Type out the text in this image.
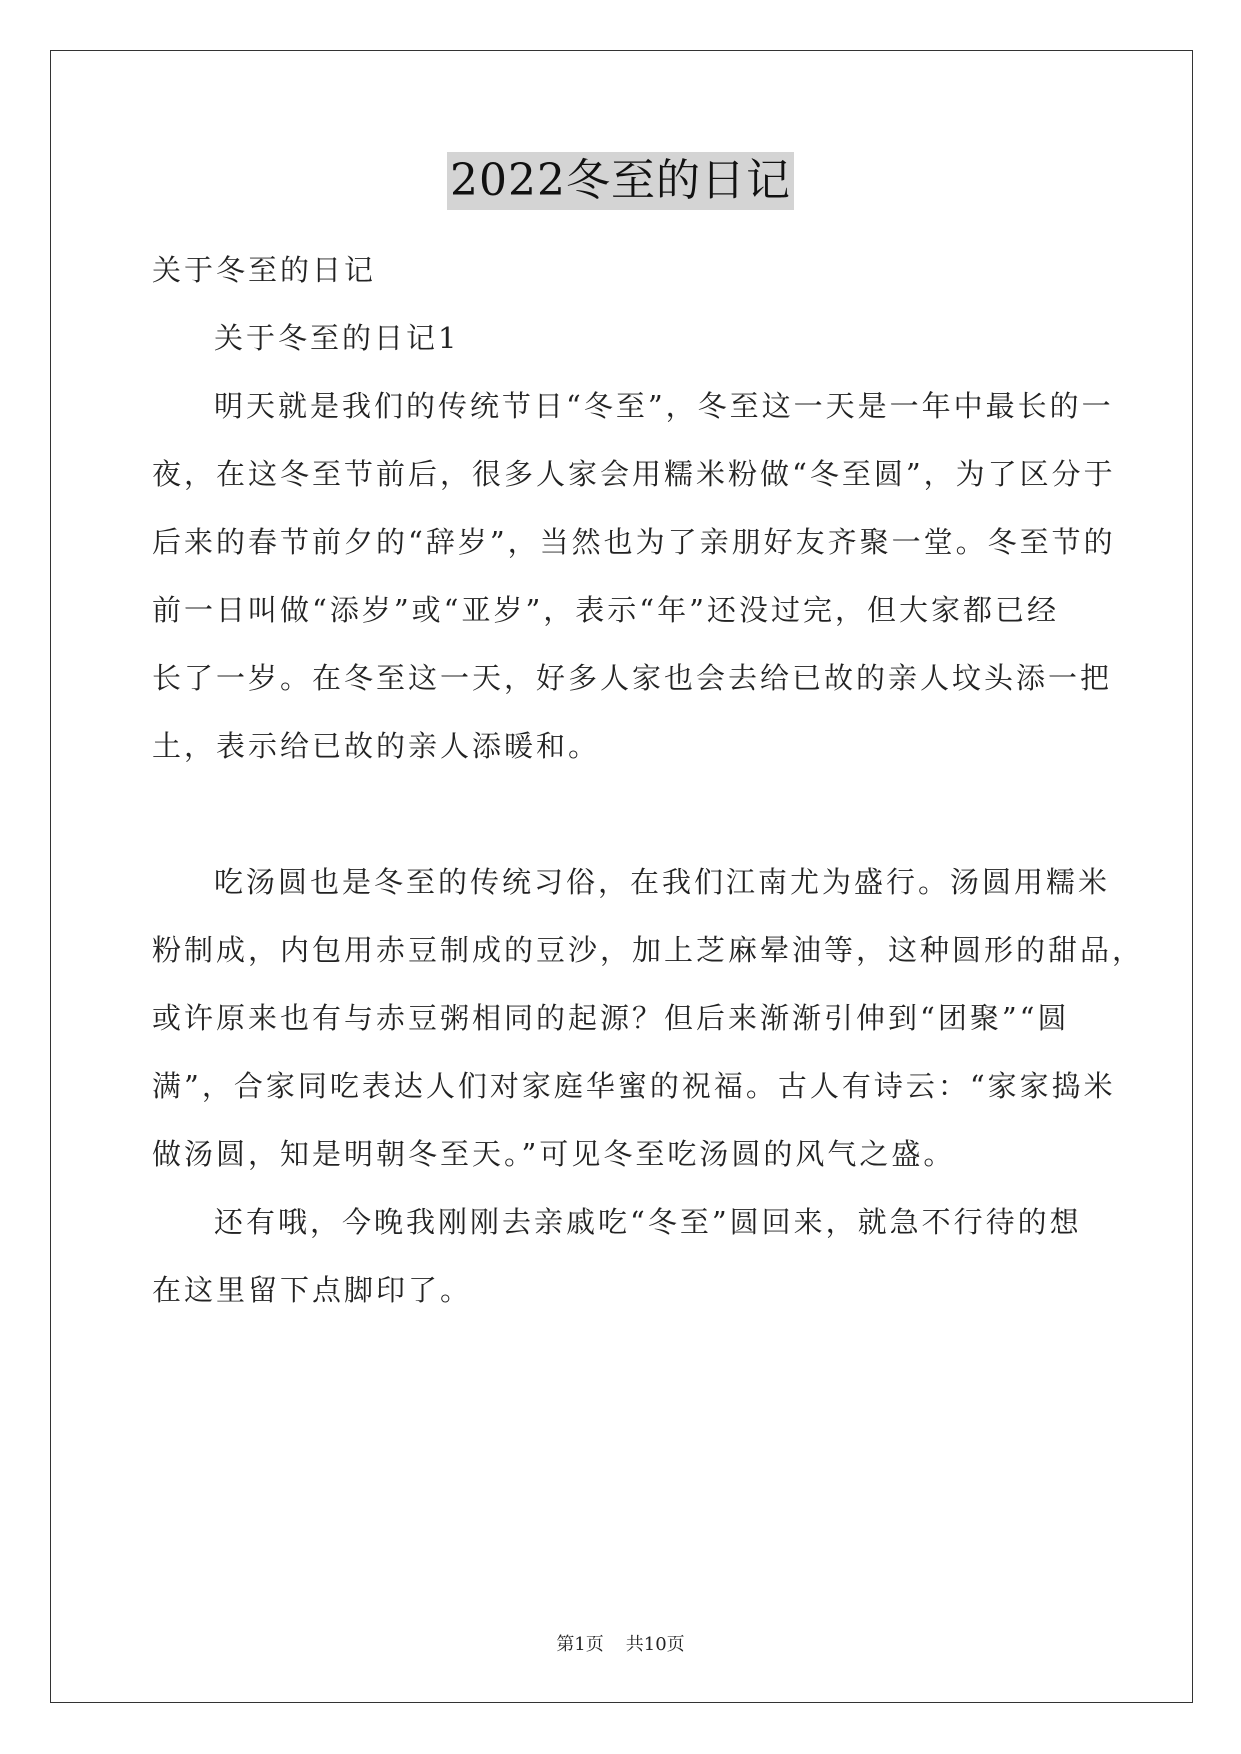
2022冬至的日记

关于冬至的日记

关于冬至的日记1

明天就是我们的传统节日“冬至”，冬至这一天是一年中最长的一

夜，在这冬至节前后，很多人家会用糯米粉做“冬至圆”，为了区分于

后来的春节前夕的“辞岁”，当然也为了亲朋好友齐聚一堂。冬至节的

前一日叫做“添岁”或“亚岁”，表示“年”还没过完，但大家都已经

长了一岁。在冬至这一天，好多人家也会去给已故的亲人坟头添一把

土，表示给已故的亲人添暖和。

吃汤圆也是冬至的传统习俗，在我们江南尤为盛行。汤圆用糯米

粉制成，内包用赤豆制成的豆沙，加上芝麻晕油等，这种圆形的甜品，

或许原来也有与赤豆粥相同的起源？但后来渐渐引伸到“团聚”“圆

满”，合家同吃表达人们对家庭华蜜的祝福。古人有诗云：“家家捣米

做汤圆，知是明朝冬至天。”可见冬至吃汤圆的风气之盛。

还有哦，今晚我刚刚去亲戚吃“冬至”圆回来，就急不行待的想

在这里留下点脚印了。

第1页 共10页
